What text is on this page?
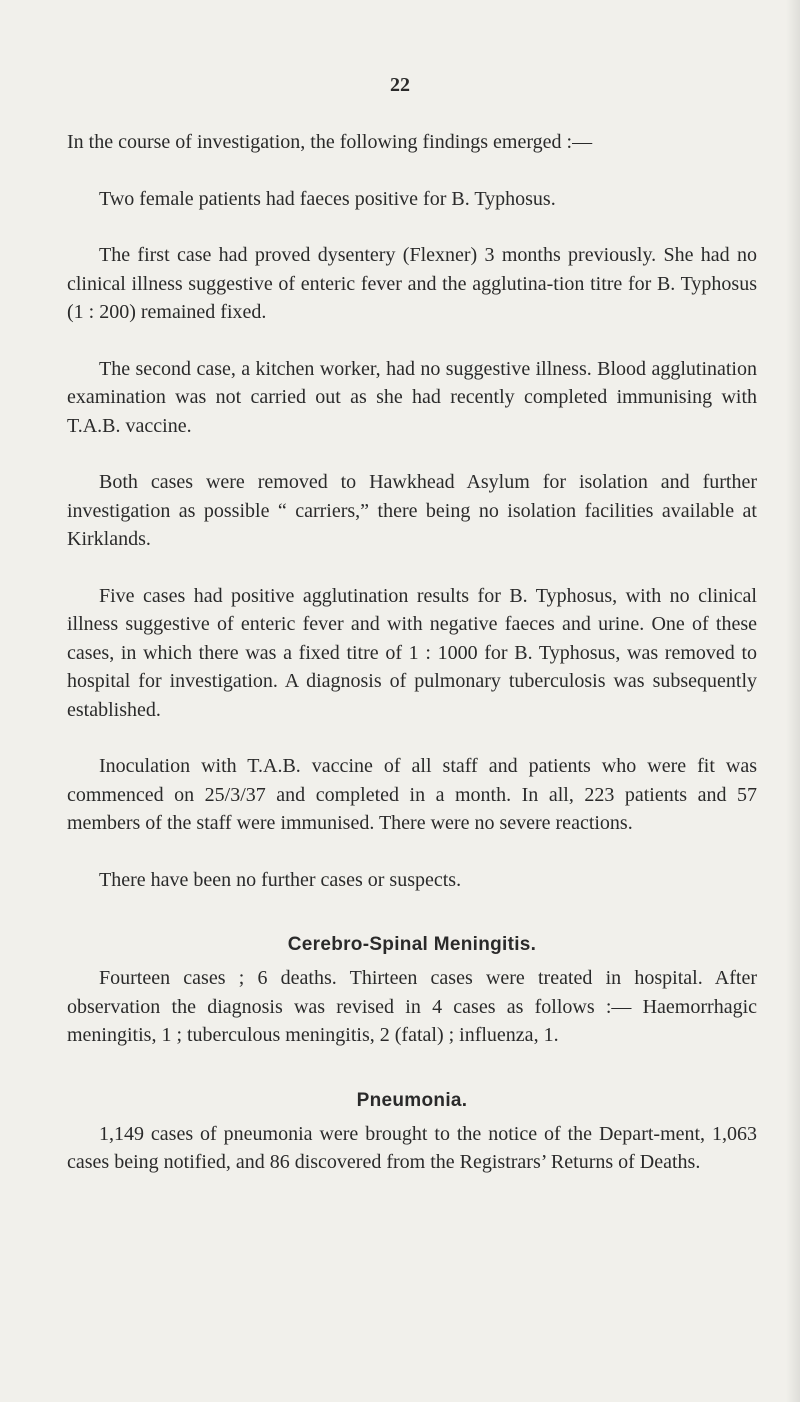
22

In the course of investigation, the following findings emerged :—

Two female patients had faeces positive for B. Typhosus.

The first case had proved dysentery (Flexner) 3 months previously. She had no clinical illness suggestive of enteric fever and the agglutina-tion titre for B. Typhosus (1 : 200) remained fixed.

The second case, a kitchen worker, had no suggestive illness. Blood agglutination examination was not carried out as she had recently completed immunising with T.A.B. vaccine.

Both cases were removed to Hawkhead Asylum for isolation and further investigation as possible “ carriers,” there being no isolation facilities available at Kirklands.

Five cases had positive agglutination results for B. Typhosus, with no clinical illness suggestive of enteric fever and with negative faeces and urine. One of these cases, in which there was a fixed titre of 1 : 1000 for B. Typhosus, was removed to hospital for investigation. A diagnosis of pulmonary tuberculosis was subsequently established.

Inoculation with T.A.B. vaccine of all staff and patients who were fit was commenced on 25/3/37 and completed in a month. In all, 223 patients and 57 members of the staff were immunised. There were no severe reactions.

There have been no further cases or suspects.

Cerebro-Spinal Meningitis.

Fourteen cases ; 6 deaths. Thirteen cases were treated in hospital. After observation the diagnosis was revised in 4 cases as follows :— Haemorrhagic meningitis, 1 ; tuberculous meningitis, 2 (fatal) ; influenza, 1.

Pneumonia.

1,149 cases of pneumonia were brought to the notice of the Depart-ment, 1,063 cases being notified, and 86 discovered from the Registrars’ Returns of Deaths.
